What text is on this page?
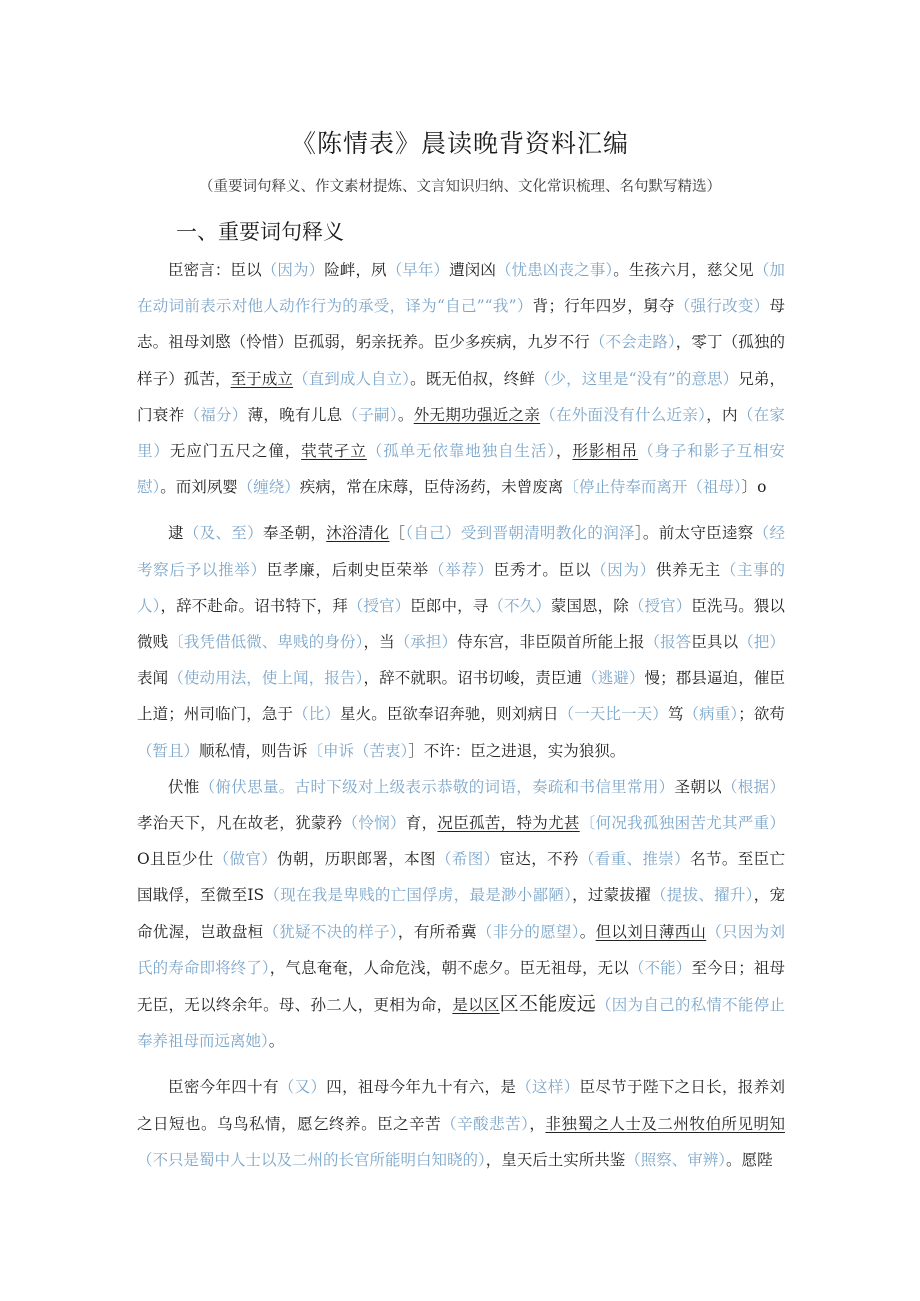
《陈情表》晨读晚背资料汇编
（重要词句释义、作文素材提炼、文言知识归纳、文化常识梳理、名句默写精选）
一、重要词句释义

臣密言：臣以（因为）险衅，夙（早年）遭闵凶（忧患凶丧之事）。生孩六月，慈父见（加在动词前表示对他人动作行为的承受，译为“自己”“我”）背；行年四岁，舅夺（强行改变）母志。祖母刘愍（怜惜）臣孤弱，躬亲抚养。臣少多疾病，九岁不行（不会走路），零丁（孤独的样子）孤苦，至于成立（直到成人自立）。既无伯叔，终鲜（少，这里是“没有”的意思）兄弟，门衰祚（福分）薄，晚有儿息（子嗣）。外无期功强近之亲（在外面没有什么近亲），内（在家里）无应门五尺之僮，茕茕孑立（孤单无依靠地独自生活），形影相吊（身子和影子互相安慰）。而刘夙婴（缠绕）疾病，常在床蓐，臣侍汤药，未曾废离〔停止侍奉而离开（祖母）〕o

逮（及、至）奉圣朝，沐浴清化［（自己）受到晋朝清明教化的润泽］。前太守臣逵察（经考察后予以推举）臣孝廉，后刺史臣荣举（举荐）臣秀才。臣以（因为）供养无主（主事的人），辞不赴命。诏书特下，拜（授官）臣郎中，寻（不久）蒙国恩，除（授官）臣洗马。猥以微贱〔我凭借低微、卑贱的身份），当（承担）侍东宫，非臣陨首所能上报（报答臣具以（把）表闻（使动用法，使上闻，报告），辞不就职。诏书切峻，责臣逋（逃避）慢；郡县逼迫，催臣上道；州司临门，急于（比）星火。臣欲奉诏奔驰，则刘病日（一天比一天）笃（病重）；欲苟（暂且）顺私情，则告诉〔申诉（苦衷）］不许：臣之进退，实为狼狈。

伏惟（俯伏思量。古时下级对上级表示恭敬的词语，奏疏和书信里常用）圣朝以（根据）孝治天下，凡在故老，犹蒙矜（怜悯）育，况臣孤苦，特为尤甚〔何况我孤独困苦尤其严重）O且臣少仕（做官）伪朝，历职郎署，本图（希图）宦达，不矜（看重、推崇）名节。至臣亡国戢俘，至微至IS（现在我是卑贱的亡国俘虏，最是渺小鄙陋），过蒙拔擢（提拔、擢升），宠命优渥，岂敢盘桓（犹疑不决的样子），有所希冀（非分的愿望）。但以刘日薄西山（只因为刘氏的寿命即将终了），气息奄奄，人命危浅，朝不虑夕。臣无祖母，无以（不能）至今日；祖母无臣，无以终余年。母、孙二人，更相为命，是以区区丕能废远（因为自己的私情不能停止奉养祖母而远离她）。

臣密今年四十有（又）四，祖母今年九十有六，是（这样）臣尽节于陛下之日长，报养刘之日短也。乌鸟私情，愿乞终养。臣之辛苦（辛酸悲苦），非独蜀之人士及二州牧伯所见明知（不只是蜀中人士以及二州的长官所能明白知晓的），皇天后土实所共鉴（照察、审辨）。愿陛
